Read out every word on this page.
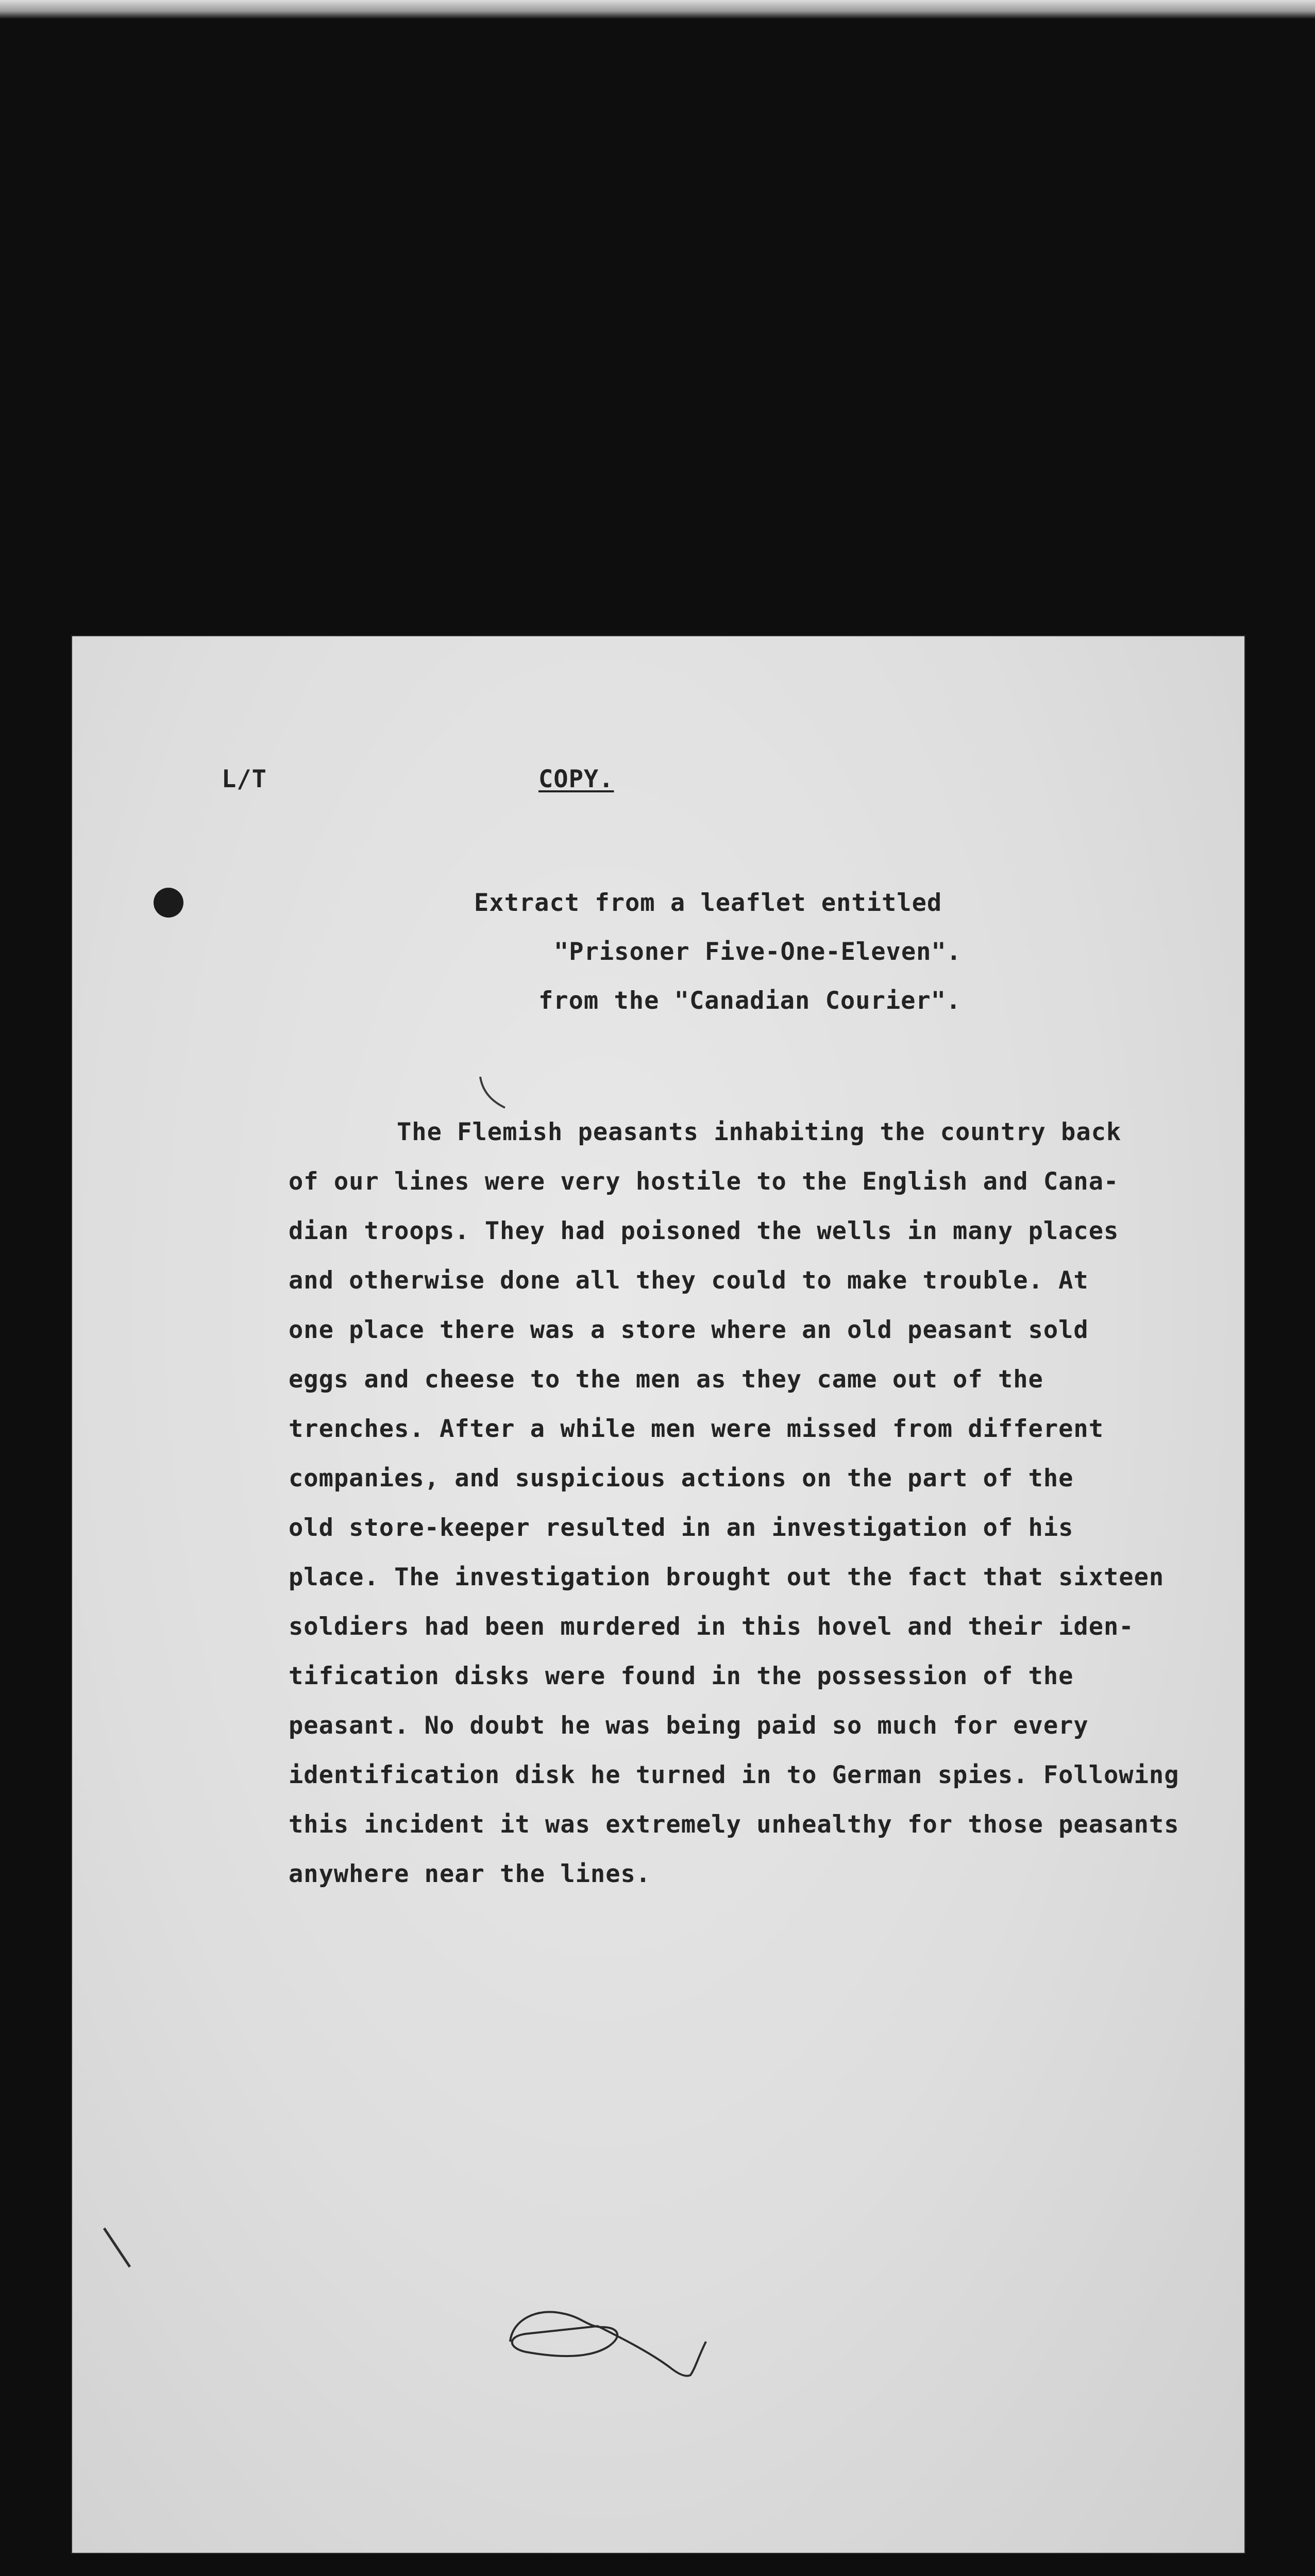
L/T	COPY.
Extract from a leaflet entitled
"Prisoner Five-One-Eleven".
from the "Canadian Courier".
The Flemish peasants inhabiting the country back
of our lines were very hostile to the English and Cana-
dian troops. They had poisoned the wells in many places
and otherwise done all they could to make trouble. At
one place there was a store where an old peasant sold
eggs and cheese to the men as they came out of the
trenches. After a while men were missed from different
companies, and suspicious actions on the part of the
old store-keeper resulted in an investigation of his
place. The investigation brought out the fact that sixteen
soldiers had been murdered in this hovel and their iden-
tification disks were found in the possession of the
peasant. No doubt he was being paid so much for every
identification disk he turned in to German spies. Following
this incident it was extremely unhealthy for those peasants
anywhere near the lines.
